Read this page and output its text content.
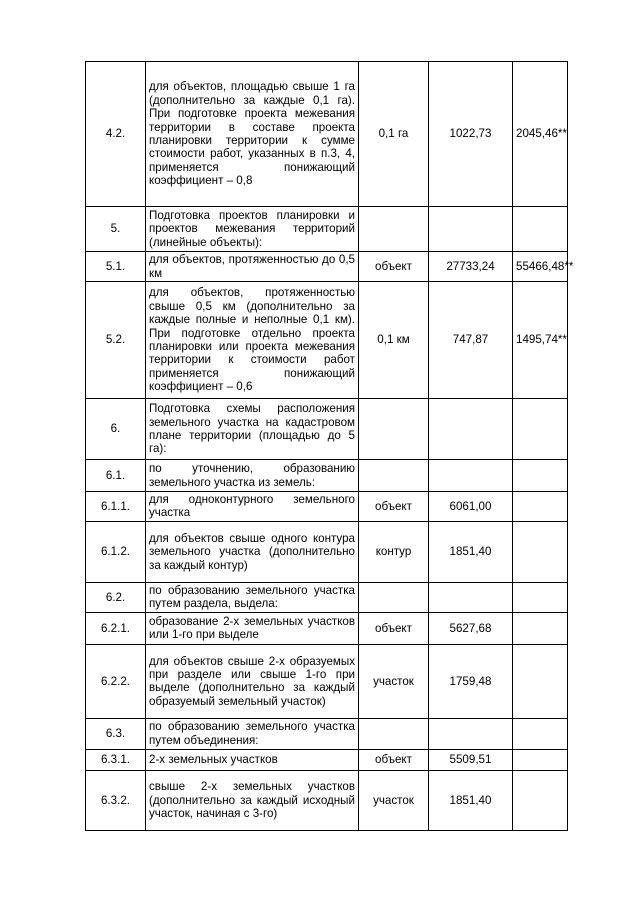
4.2.	для объектов, площадью свыше 1 га (дополнительно за каждые 0,1 га). При подготовке проекта межевания территории в составе проекта планировки территории к сумме стоимости работ, указанных в п.3, 4, применяется понижающий коэффициент – 0,8	0,1 га	1022,73	2045,46**
5.	Подготовка проектов планировки и проектов межевания территорий (линейные объекты):			
5.1.	для объектов, протяженностью до 0,5 км	объект	27733,24	55466,48**
5.2.	для объектов, протяженностью свыше 0,5 км (дополнительно за каждые полные и неполные 0,1 км). При подготовке отдельно проекта планировки или проекта межевания территории к стоимости работ применяется понижающий коэффициент – 0,6	0,1 км	747,87	1495,74**
6.	Подготовка схемы расположения земельного участка на кадастровом плане территории (площадью до 5 га):			
6.1.	по уточнению, образованию земельного участка из земель:			
6.1.1.	для одноконтурного земельного участка	объект	6061,00	
6.1.2.	для объектов свыше одного контура земельного участка (дополнительно за каждый контур)	контур	1851,40	
6.2.	по образованию земельного участка путем раздела, выдела:			
6.2.1.	образование 2-х земельных участков или 1-го при выделе	объект	5627,68	
6.2.2.	для объектов свыше 2-х образуемых при разделе или свыше 1-го при выделе (дополнительно за каждый образуемый земельный участок)	участок	1759,48	
6.3.	по образованию земельного участка путем объединения:			
6.3.1.	2-х земельных участков	объект	5509,51	
6.3.2.	свыше 2-х земельных участков (дополнительно за каждый исходный участок, начиная с 3-го)	участок	1851,40	
